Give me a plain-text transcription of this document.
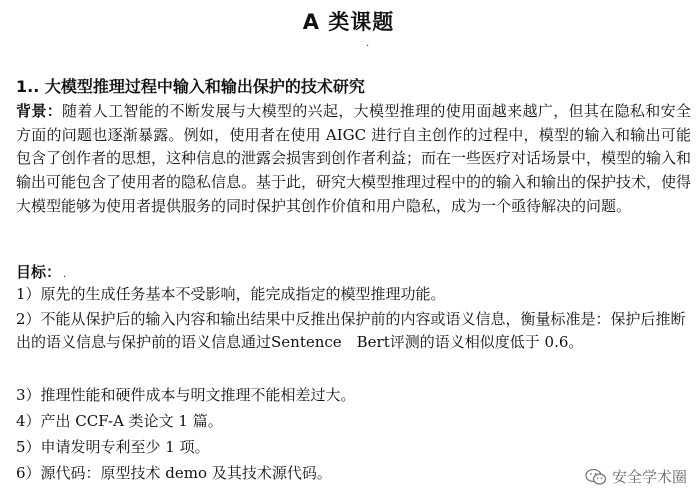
A 类课题
.
1.. 大模型推理过程中输入和输出保护的技术研究
背景：随着人工智能的不断发展与大模型的兴起，大模型推理的使用面越来越广，但其在隐私和安全方面的问题也逐渐暴露。例如，使用者在使用 AIGC 进行自主创作的过程中，模型的输入和输出可能包含了创作者的思想，这种信息的泄露会损害到创作者利益；而在一些医疗对话场景中，模型的输入和输出可能包含了使用者的隐私信息。基于此，研究大模型推理过程中的的输入和输出的保护技术，使得大模型能够为使用者提供服务的同时保护其创作价值和用户隐私，成为一个亟待解决的问题。
目标： .
1）原先的生成任务基本不受影响，能完成指定的模型推理功能。
2）不能从保护后的输入内容和输出结果中反推出保护前的内容或语义信息，衡量标准是：保护后推断出的语义信息与保护前的语义信息通过Sentence　Bert评测的语义相似度低于 0.6。
3）推理性能和硬件成本与明文推理不能相差过大。
4）产出 CCF-A 类论文 1 篇。
5）申请发明专利至少 1 项。
6）源代码：原型技术 demo 及其技术源代码。	安全学术圈
